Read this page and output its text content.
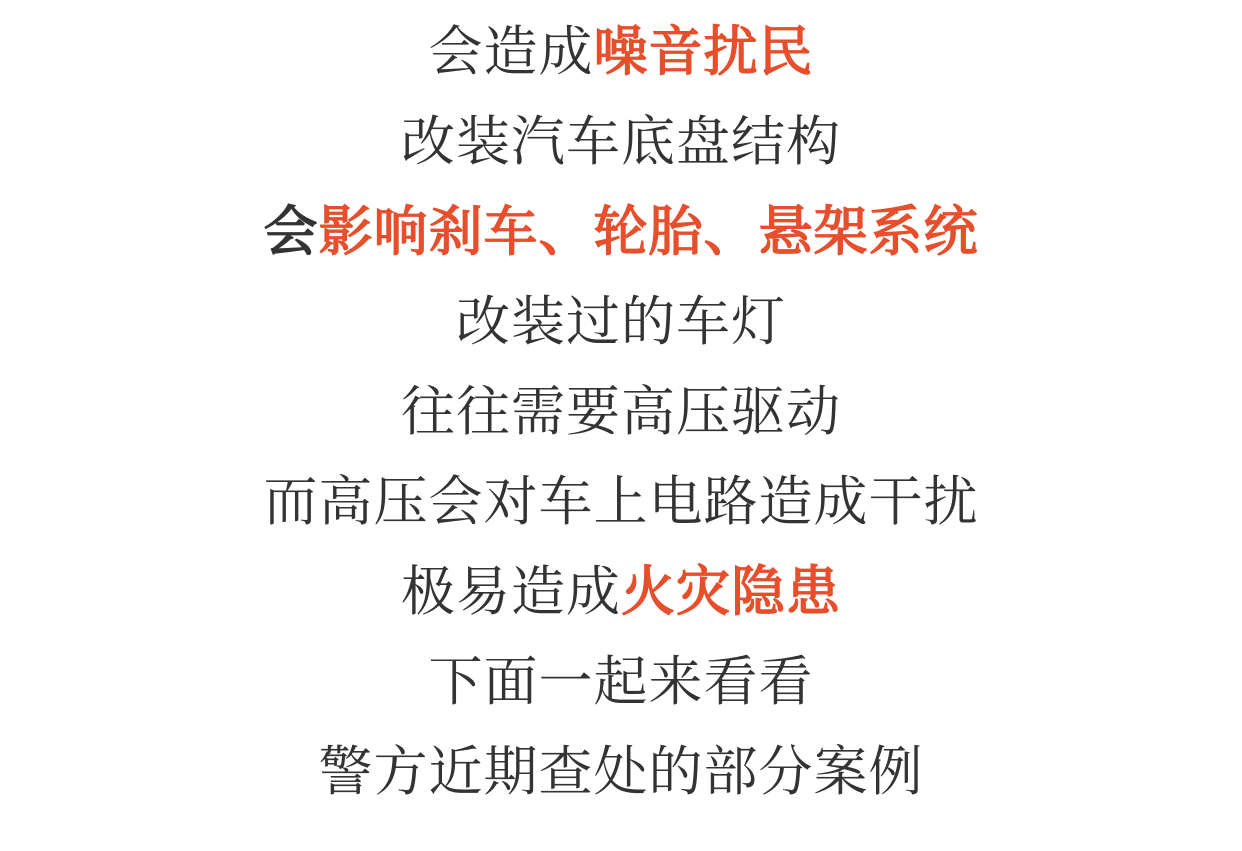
会造成噪音扰民

改装汽车底盘结构

会影响刹车、轮胎、悬架系统

改装过的车灯

往往需要高压驱动

而高压会对车上电路造成干扰

极易造成火灾隐患

下面一起来看看

警方近期查处的部分案例
